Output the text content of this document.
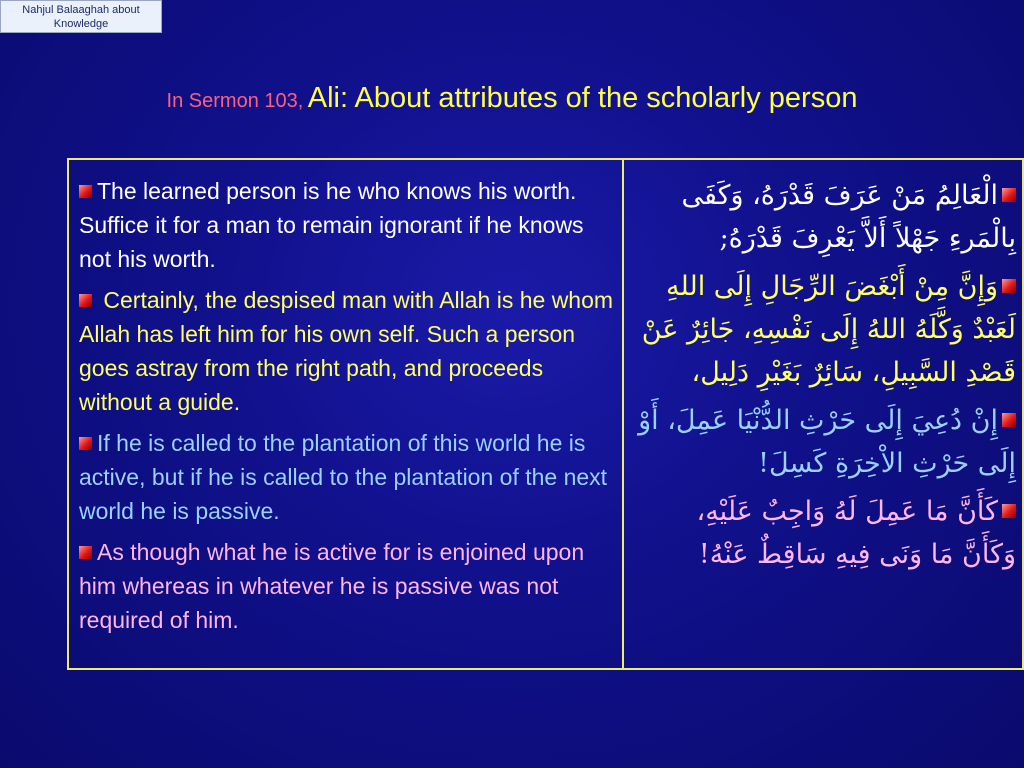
Nahjul Balaaghah about Knowledge
In Sermon 103, Ali: About attributes of the scholarly person

The learned person is he who knows his worth. Suffice it for a man to remain ignorant if he knows not his worth.

Certainly, the despised man with Allah is he whom Allah has left him for his own self. Such a person goes astray from the right path, and proceeds without a guide.

If he is called to the plantation of this world he is active, but if he is called to the plantation of the next world he is passive.

As though what he is active for is enjoined upon him whereas in whatever he is passive was not required of him.

الْعَالِمُ مَنْ عَرَفَ قَدْرَهُ، وَكَفَى بِالْمَرءِ جَهْلاً أَلاَّ يَعْرِفَ قَدْرَهُ;

وَإِنَّ مِنْ أَبْغَضَ الرِّجَالِ إِلَى اللهِ لَعَبْدٌ وَكَّلَهُ اللهُ إِلَى نَفْسِهِ، جَائِرٌ عَنْ قَصْدِ السَّبِيلِ، سَائِرٌ بَغَيْرِ دَلِيل،

إِنْ دُعِيَ إِلَى حَرْثِ الدُّنْيَا عَمِلَ، أَوْ إِلَى حَرْثِ الاْخِرَةِ كَسِلَ!

كَأَنَّ مَا عَمِلَ لَهُ وَاجِبٌ عَلَيْهِ، وَكَأَنَّ مَا وَنَى فِيهِ سَاقِطٌ عَنْهُ!
